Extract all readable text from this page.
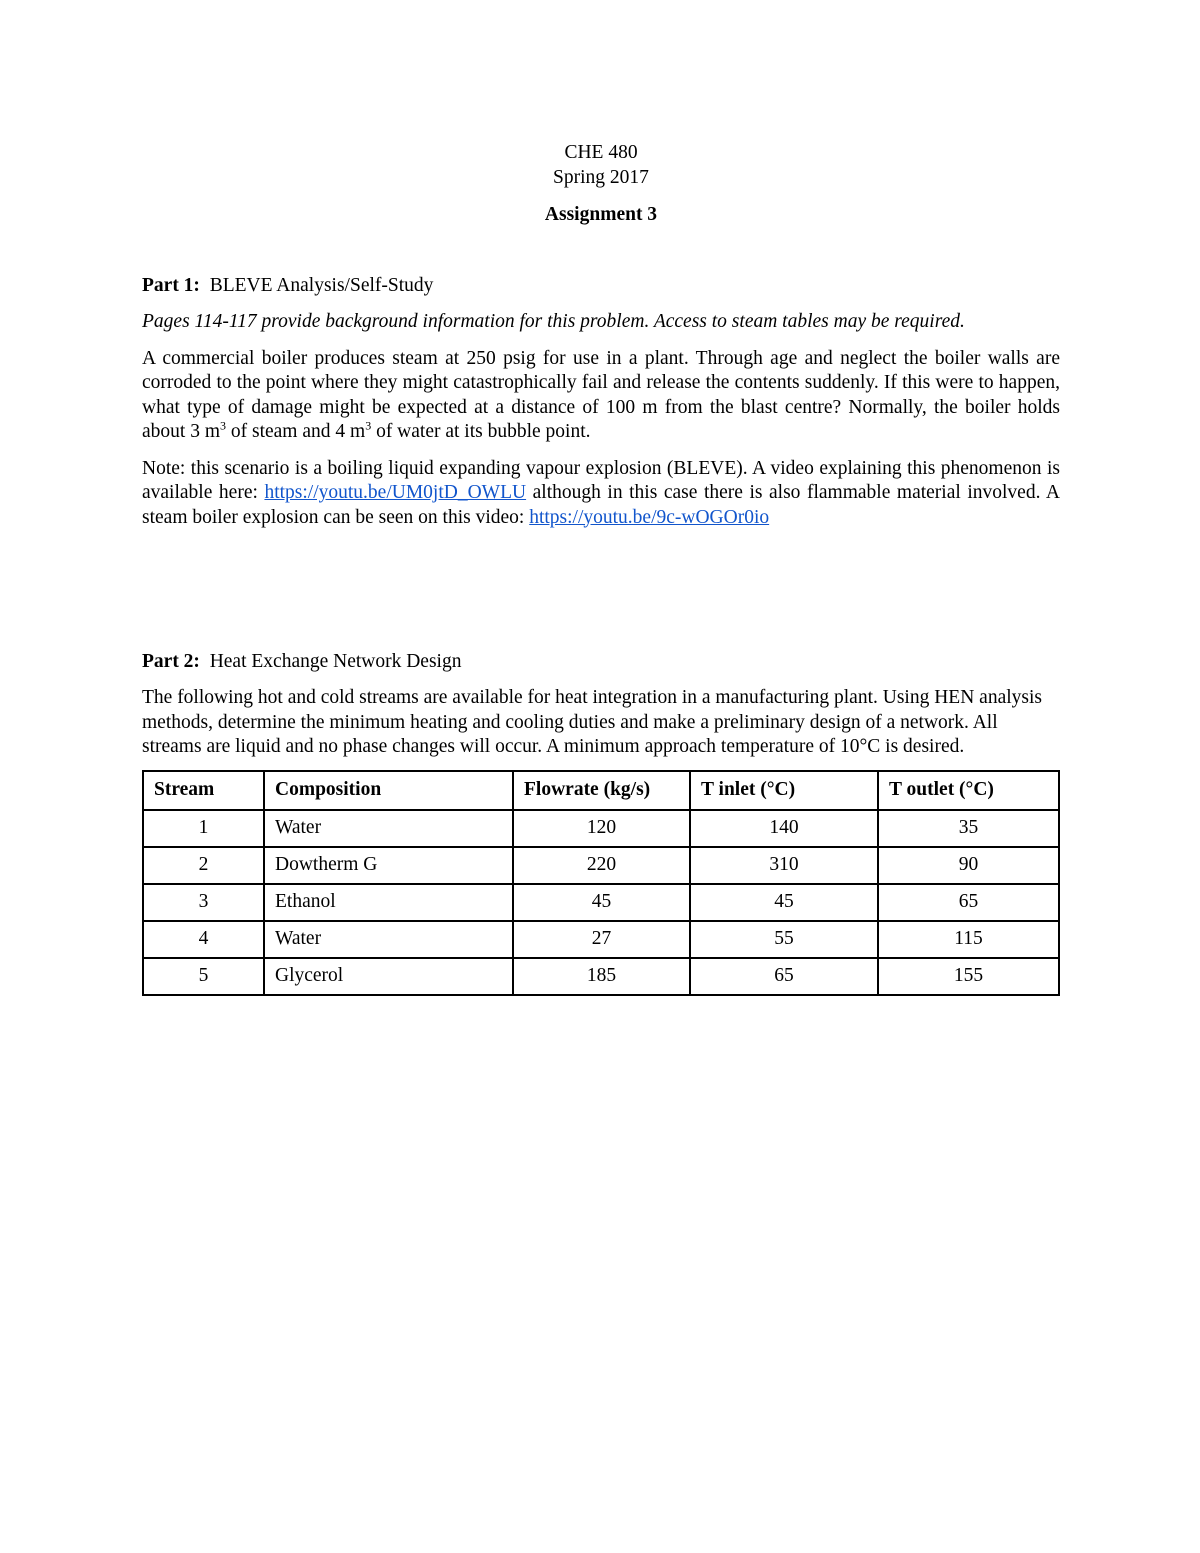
CHE 480
Spring 2017
Assignment 3
Part 1: BLEVE Analysis/Self-Study

Pages 114-117 provide background information for this problem. Access to steam tables may be required.

A commercial boiler produces steam at 250 psig for use in a plant. Through age and neglect the boiler walls are corroded to the point where they might catastrophically fail and release the contents suddenly. If this were to happen, what type of damage might be expected at a distance of 100 m from the blast centre? Normally, the boiler holds about 3 $m^3$ of steam and 4 $m^3$ of water at its bubble point.

Note: this scenario is a boiling liquid expanding vapour explosion (BLEVE). A video explaining this phenomenon is available here: https://youtu.be/UM0jtD_OWLU although in this case there is also flammable material involved. A steam boiler explosion can be seen on this video: https://youtu.be/9c-wOGOr0io

Part 2: Heat Exchange Network Design

The following hot and cold streams are available for heat integration in a manufacturing plant. Using HEN analysis methods, determine the minimum heating and cooling duties and make a preliminary design of a network. All streams are liquid and no phase changes will occur. A minimum approach temperature of 10°C is desired.

Stream	Composition	Flowrate (kg/s)	T inlet (°C)	T outlet (°C)
1	Water	120	140	35
2	Dowtherm G	220	310	90
3	Ethanol	45	45	65
4	Water	27	55	115
5	Glycerol	185	65	155
